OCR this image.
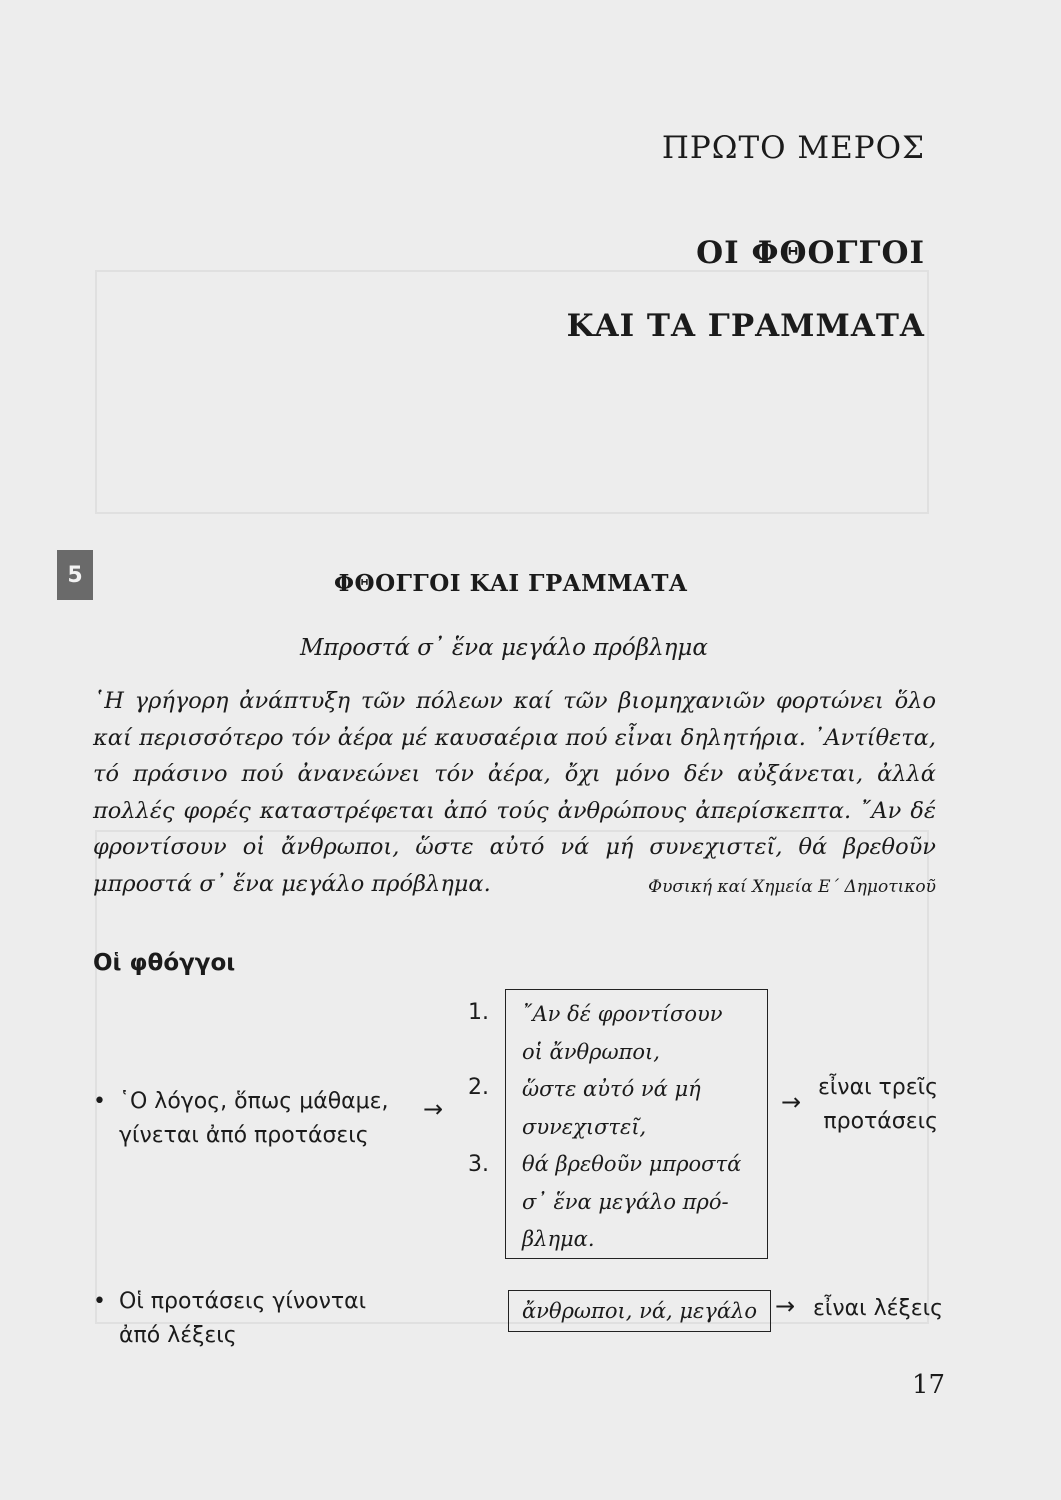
ΠΡΩΤΟ ΜΕΡΟΣ
ΟΙ ΦΘΟΓΓΟΙ
ΚΑΙ ΤΑ ΓΡΑΜΜΑΤΑ
5	ΦΘΟΓΓΟΙ ΚΑΙ ΓΡΑΜΜΑΤΑ
Μπροστά σ᾿ ἕνα μεγάλο πρόβλημα
῾Η γρήγορη ἀνάπτυξη τῶν πόλεων καί τῶν βιομηχανιῶν φορτώνει ὅλο καί περισσότερο τόν ἀέρα μέ καυσαέρια πού εἶναι δηλητήρια. ᾿Αντίθετα, τό πράσινο πού ἀνανεώνει τόν ἀέρα, ὄχι μόνο δέν αὐξάνεται, ἀλλά πολλές φορές καταστρέφεται ἀπό τούς ἀνθρώπους ἀπερίσκεπτα. ῎Αν δέ φροντίσουν οἱ ἄνθρωποι, ὥστε αὐτό νά μή συνεχιστεῖ, θά βρεθοῦν μπροστά σ᾿ ἕνα μεγάλο πρόβλημα.	Φυσική καί Χημεία Ε΄ Δημοτικοῦ
Οἱ φθόγγοι
• ῾Ο λόγος, ὅπως μάθαμε,
γίνεται ἀπό προτάσεις
→
1.
2.
3.
῎Αν δέ φροντίσουν
οἱ ἄνθρωποι,
ὥστε αὐτό νά μή
συνεχιστεῖ,
θά βρεθοῦν μπροστά
σ᾿ ἕνα μεγάλο πρό-
βλημα.
→
εἶναι τρεῖς
προτάσεις
• Οἱ προτάσεις γίνονται
ἀπό λέξεις
ἄνθρωποι, νά, μεγάλο → εἶναι λέξεις
17
